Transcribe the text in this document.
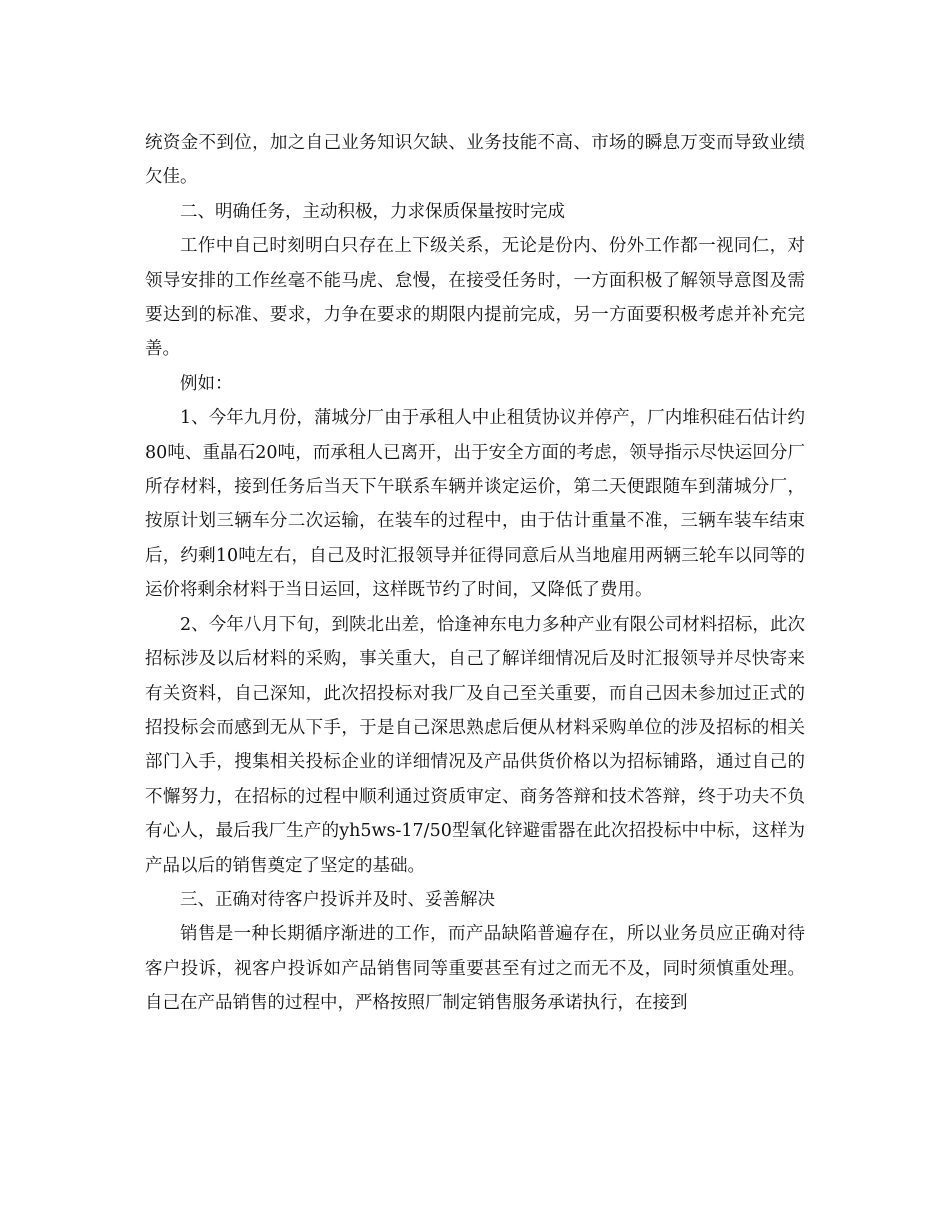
统资金不到位，加之自己业务知识欠缺、业务技能不高、市场的瞬息万变而导致业绩欠佳。

二、明确任务，主动积极，力求保质保量按时完成

工作中自己时刻明白只存在上下级关系，无论是份内、份外工作都一视同仁，对领导安排的工作丝毫不能马虎、怠慢，在接受任务时，一方面积极了解领导意图及需要达到的标准、要求，力争在要求的期限内提前完成，另一方面要积极考虑并补充完善。

例如：

1、今年九月份，蒲城分厂由于承租人中止租赁协议并停产，厂内堆积硅石估计约80吨、重晶石20吨，而承租人已离开，出于安全方面的考虑，领导指示尽快运回分厂所存材料，接到任务后当天下午联系车辆并谈定运价，第二天便跟随车到蒲城分厂，按原计划三辆车分二次运输，在装车的过程中，由于估计重量不准，三辆车装车结束后，约剩10吨左右，自己及时汇报领导并征得同意后从当地雇用两辆三轮车以同等的运价将剩余材料于当日运回，这样既节约了时间，又降低了费用。

2、今年八月下旬，到陕北出差，恰逢神东电力多种产业有限公司材料招标，此次招标涉及以后材料的采购，事关重大，自己了解详细情况后及时汇报领导并尽快寄来有关资料，自己深知，此次招投标对我厂及自己至关重要，而自己因未参加过正式的招投标会而感到无从下手，于是自己深思熟虑后便从材料采购单位的涉及招标的相关部门入手，搜集相关投标企业的详细情况及产品供货价格以为招标铺路，通过自己的不懈努力，在招标的过程中顺利通过资质审定、商务答辩和技术答辩，终于功夫不负有心人，最后我厂生产的yh5ws-17/50型氧化锌避雷器在此次招投标中中标，这样为产品以后的销售奠定了坚定的基础。

三、正确对待客户投诉并及时、妥善解决

销售是一种长期循序渐进的工作，而产品缺陷普遍存在，所以业务员应正确对待客户投诉，视客户投诉如产品销售同等重要甚至有过之而无不及，同时须慎重处理。自己在产品销售的过程中，严格按照厂制定销售服务承诺执行，在接到
